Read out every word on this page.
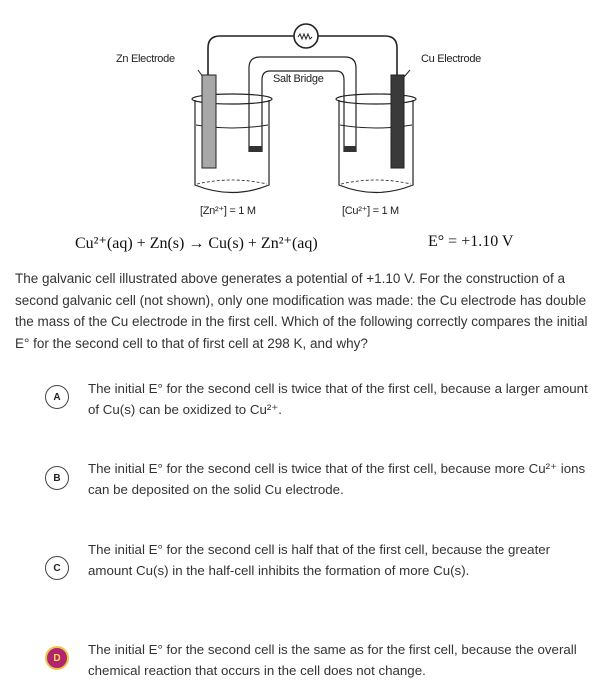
Zn Electrode	Cu Electrode
Salt Bridge
[Zn²⁺] = 1 M	[Cu²⁺] = 1 M
Cu²⁺(aq) + Zn(s) → Cu(s) + Zn²⁺(aq)	E° = +1.10 V
The galvanic cell illustrated above generates a potential of +1.10 V. For the construction of a second galvanic cell (not shown), only one modification was made: the Cu electrode has double the mass of the Cu electrode in the first cell. Which of the following correctly compares the initial E° for the second cell to that of first cell at 298 K, and why?
A
The initial E° for the second cell is twice that of the first cell, because a larger amount of Cu(s) can be oxidized to Cu²⁺.
B
The initial E° for the second cell is twice that of the first cell, because more Cu²⁺ ions can be deposited on the solid Cu electrode.
C
The initial E° for the second cell is half that of the first cell, because the greater amount Cu(s) in the half-cell inhibits the formation of more Cu(s).
D
The initial E° for the second cell is the same as for the first cell, because the overall chemical reaction that occurs in the cell does not change.
